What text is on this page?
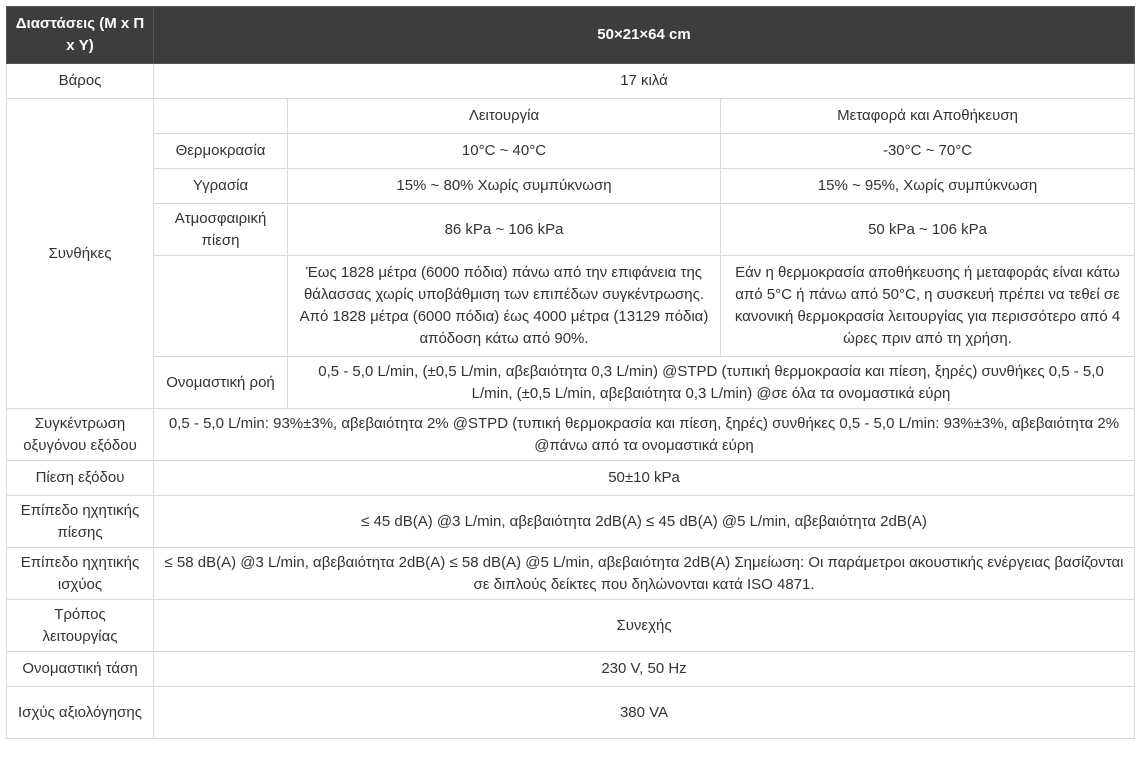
Διαστάσεις (Μ x Π x Υ)	50×21×64 cm		
Βάρος	17 κιλά		
Συνθήκες		Λειτουργία	Μεταφορά και Αποθήκευση
	Θερμοκρασία	10°C ~ 40°C	-30°C ~ 70°C
	Υγρασία	15% ~ 80% Χωρίς συμπύκνωση	15% ~ 95%, Χωρίς συμπύκνωση
	Ατμοσφαιρική πίεση	86 kPa ~ 106 kPa	50 kPa ~ 106 kPa
		Έως 1828 μέτρα (6000 πόδια) πάνω από την επιφάνεια της θάλασσας χωρίς υποβάθμιση των επιπέδων συγκέντρωσης. Από 1828 μέτρα (6000 πόδια) έως 4000 μέτρα (13129 πόδια) απόδοση κάτω από 90%.	Εάν η θερμοκρασία αποθήκευσης ή μεταφοράς είναι κάτω από 5°C ή πάνω από 50°C, η συσκευή πρέπει να τεθεί σε κανονική θερμοκρασία λειτουργίας για περισσότερο από 4 ώρες πριν από τη χρήση.
	Ονομαστική ροή	0,5 - 5,0 L/min, (±0,5 L/min, αβεβαιότητα 0,3 L/min) @STPD (τυπική θερμοκρασία και πίεση, ξηρές) συνθήκες 0,5 - 5,0 L/min, (±0,5 L/min, αβεβαιότητα 0,3 L/min) @σε όλα τα ονομαστικά εύρη	
Συγκέντρωση οξυγόνου εξόδου	0,5 - 5,0 L/min: 93%±3%, αβεβαιότητα 2% @STPD (τυπική θερμοκρασία και πίεση, ξηρές) συνθήκες 0,5 - 5,0 L/min: 93%±3%, αβεβαιότητα 2% @πάνω από τα ονομαστικά εύρη		
Πίεση εξόδου	50±10 kPa		
Επίπεδο ηχητικής πίεσης	≤ 45 dB(A) @3 L/min, αβεβαιότητα 2dB(A) ≤ 45 dB(A) @5 L/min, αβεβαιότητα 2dB(A)		
Επίπεδο ηχητικής ισχύος	≤ 58 dB(A) @3 L/min, αβεβαιότητα 2dB(A) ≤ 58 dB(A) @5 L/min, αβεβαιότητα 2dB(A) Σημείωση: Οι παράμετροι ακουστικής ενέργειας βασίζονται σε διπλούς δείκτες που δηλώνονται κατά ISO 4871.		
Τρόπος λειτουργίας	Συνεχής		
Ονομαστική τάση	230 V, 50 Hz		
Ισχύς αξιολόγησης	380 VA		
